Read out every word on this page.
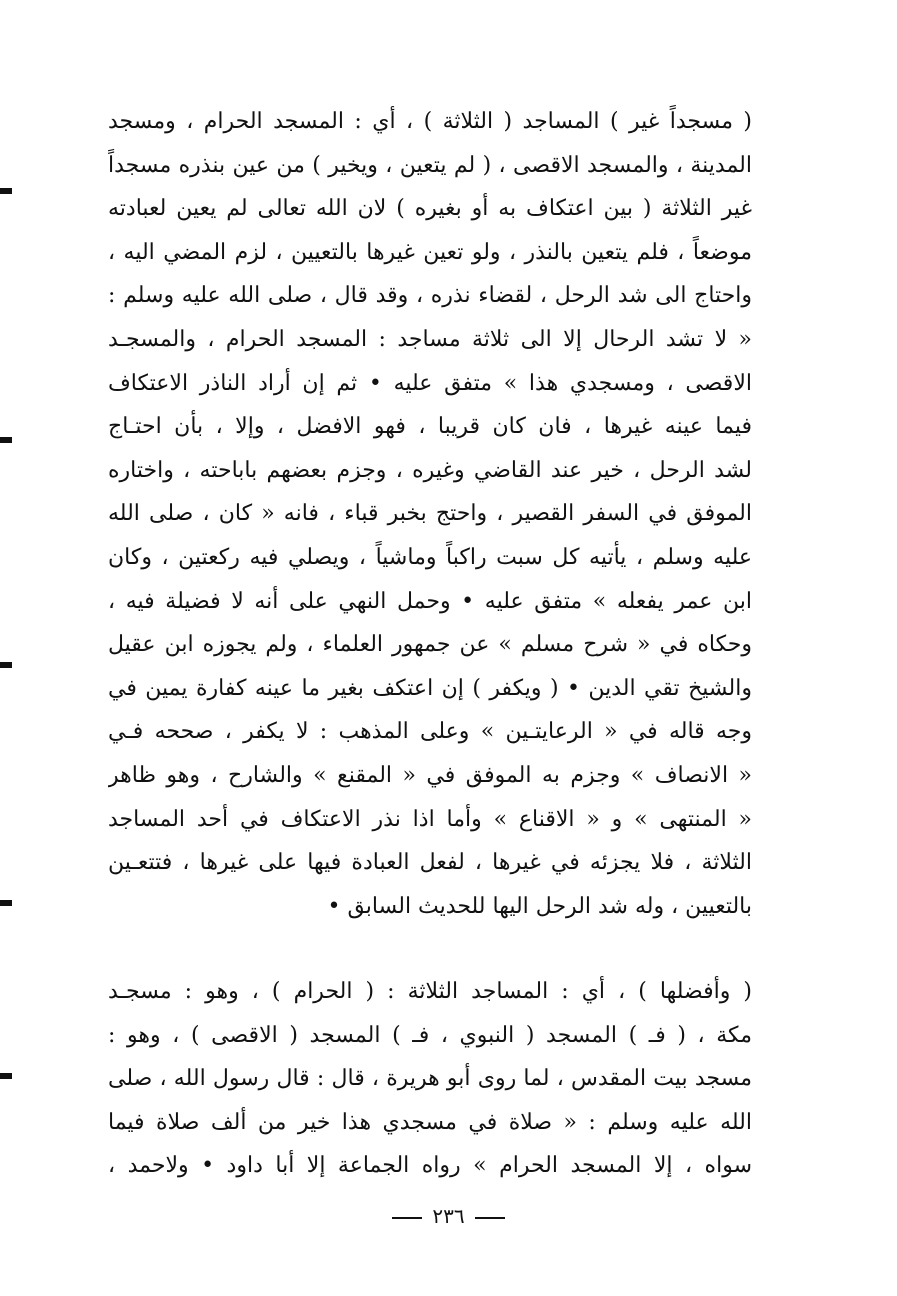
( مسجداً غير ) المساجد ( الثلاثة ) ، أي : المسجد الحرام ، ومسجد
المدينة ، والمسجد الاقصى ، ( لم يتعين ، ويخير ) من عين بنذره مسجداً
غير الثلاثة ( بين اعتكاف به أو بغيره ) لان الله تعالى لم يعين لعبادته
موضعاً ، فلم يتعين بالنذر ، ولو تعين غيرها بالتعيين ، لزم المضي اليه ،
واحتاج الى شد الرحل ، لقضاء نذره ، وقد قال ، صلى الله عليه وسلم :
« لا تشد الرحال إلا الى ثلاثة مساجد : المسجد الحرام ، والمسجـد
الاقصى ، ومسجدي هذا » متفق عليه • ثم إن أراد الناذر الاعتكاف
فيما عينه غيرها ، فان كان قريبا ، فهو الافضل ، وإلا ، بأن احتـاج
لشد الرحل ، خير عند القاضي وغيره ، وجزم بعضهم باباحته ، واختاره
الموفق في السفر القصير ، واحتج بخبر قباء ، فانه « كان ، صلى الله
عليه وسلم ، يأتيه كل سبت راكباً وماشياً ، ويصلي فيه ركعتين ، وكان
ابن عمر يفعله » متفق عليه • وحمل النهي على أنه لا فضيلة فيه ،
وحكاه في « شرح مسلم » عن جمهور العلماء ، ولم يجوزه ابن عقيل
والشيخ تقي الدين • ( ويكفر ) إن اعتكف بغير ما عينه كفارة يمين في
وجه قاله في « الرعايتـين » وعلى المذهب : لا يكفر ، صححه فـي
« الانصاف » وجزم به الموفق في « المقنع » والشارح ، وهو ظاهر
« المنتهى » و « الاقناع » وأما اذا نذر الاعتكاف في أحد المساجد
الثلاثة ، فلا يجزئه في غيرها ، لفعل العبادة فيها على غيرها ، فتتعـين
بالتعيين ، وله شد الرحل اليها للحديث السابق •
( وأفضلها ) ، أي : المساجد الثلاثة : ( الحرام ) ، وهو : مسجـد
مكة ، ( فـ ) المسجد ( النبوي ، فـ ) المسجد ( الاقصى ) ، وهو :
مسجد بيت المقدس ، لما روى أبو هريرة ، قال : قال رسول الله ، صلى
الله عليه وسلم : « صلاة في مسجدي هذا خير من ألف صلاة فيما
سواه ، إلا المسجد الحرام » رواه الجماعة إلا أبا داود • ولاحمد ،
٢٣٦
